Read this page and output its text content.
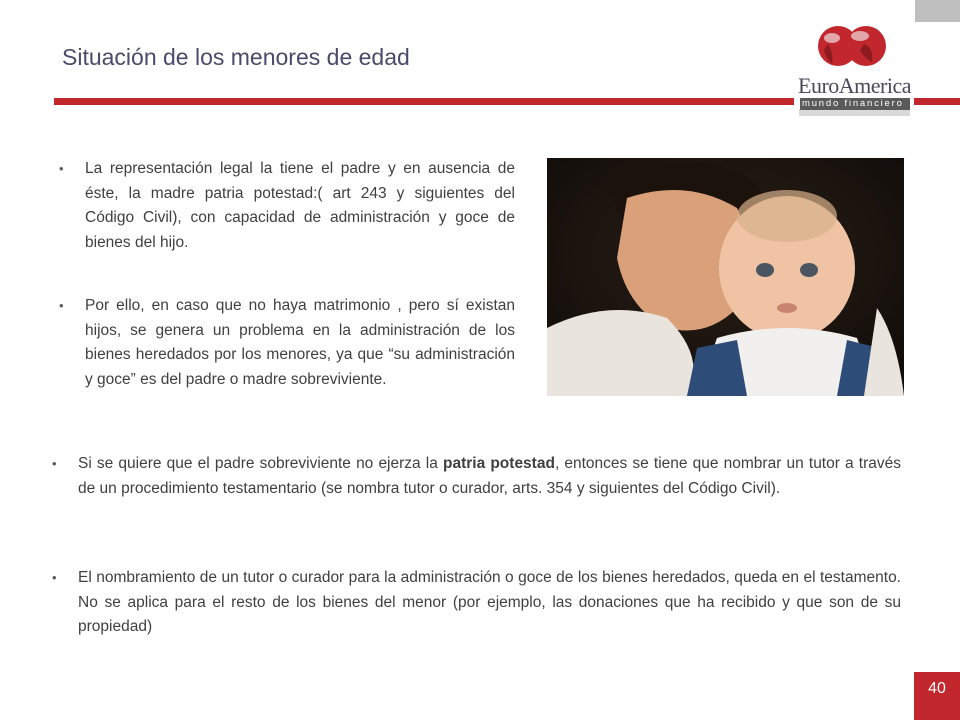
Situación de los menores de edad
EuroAmerica
mundo financiero
• La representación legal la tiene el padre y en ausencia de éste, la madre patria potestad:( art 243 y siguientes del Código Civil), con capacidad de administración y goce de bienes del hijo.
• Por ello, en caso que no haya matrimonio , pero sí existan hijos, se genera un problema en la administración de los bienes heredados por los menores, ya que “su administración y goce” es del padre o madre sobreviviente.
• Si se quiere que el padre sobreviviente no ejerza la patria potestad, entonces se tiene que nombrar un tutor a través de un procedimiento testamentario (se nombra tutor o curador, arts. 354 y siguientes del Código Civil).
• El nombramiento de un tutor o curador para la administración o goce de los bienes heredados, queda en el testamento. No se aplica para el resto de los bienes del menor (por ejemplo, las donaciones que ha recibido y que son de su propiedad)
40
